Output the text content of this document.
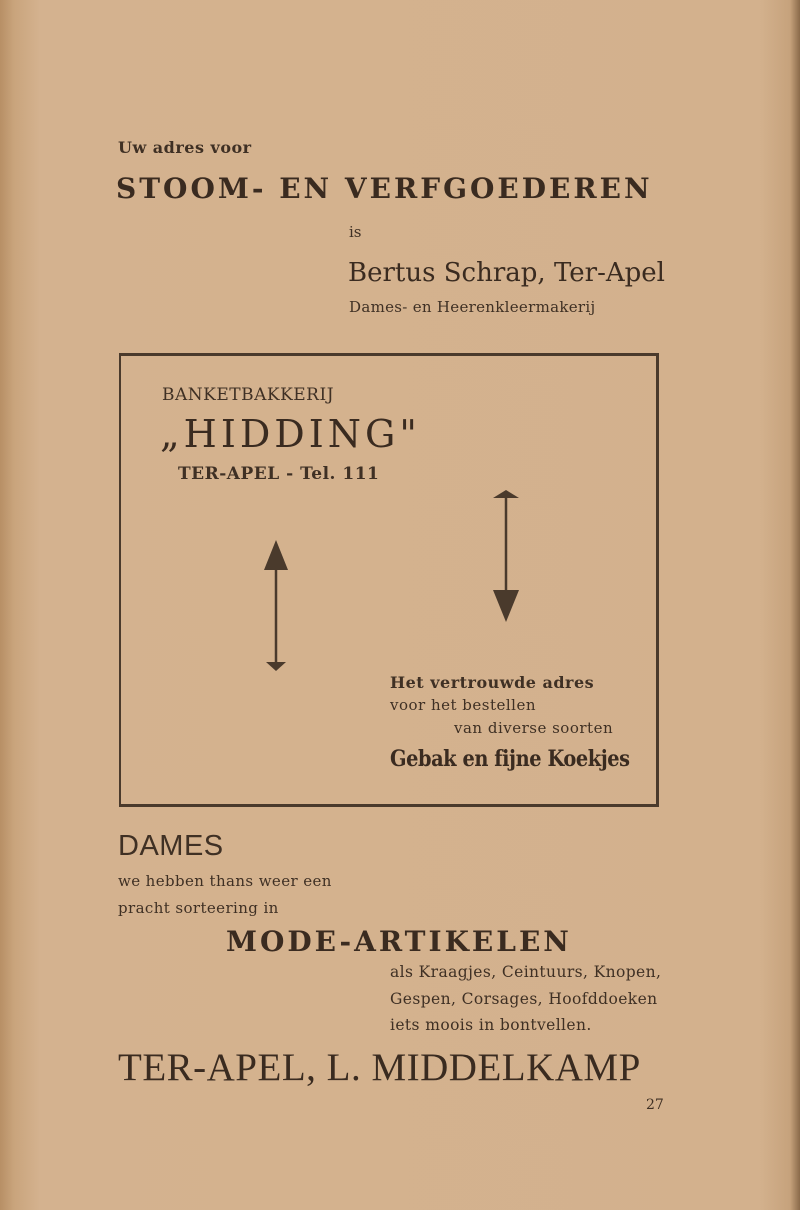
Uw adres voor
STOOM- EN VERFGOEDEREN
is
Bertus Schrap, Ter-Apel
Dames- en Heerenkleermakerij
BANKETBAKKERIJ
„HIDDING"
TER-APEL - Tel. 111
Het vertrouwde adres
voor het bestellen
van diverse soorten
Gebak en fijne Koekjes
DAMES
we hebben thans weer een
pracht sorteering in
MODE-ARTIKELEN
als Kraagjes, Ceintuurs, Knopen,
Gespen, Corsages, Hoofddoeken
iets moois in bontvellen.
TER-APEL, L. MIDDELKAMP
27
